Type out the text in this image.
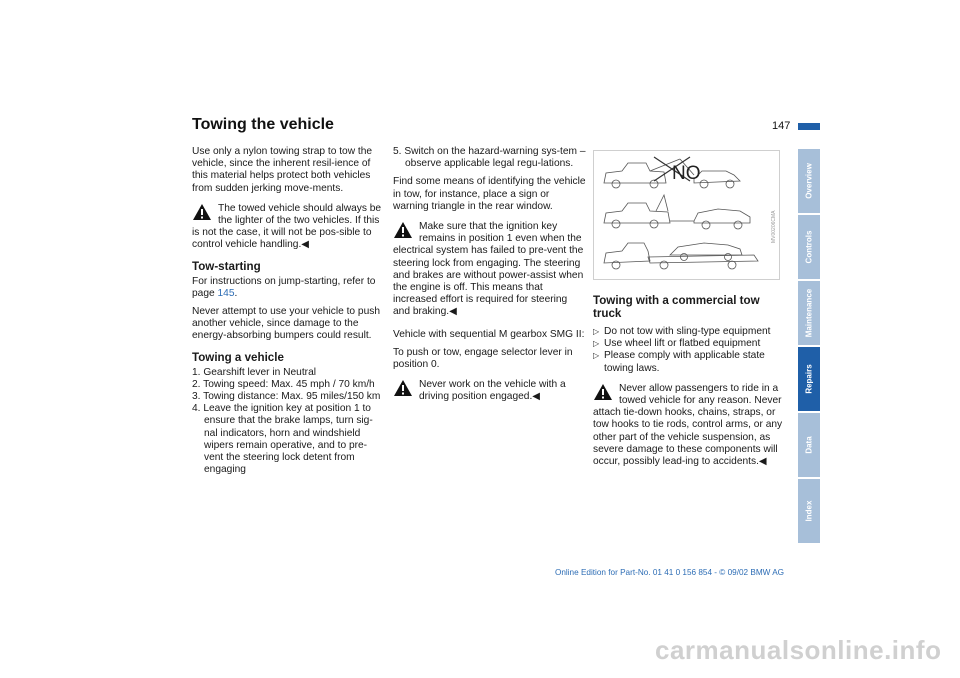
Towing the vehicle	147

Use only a nylon towing strap to tow the vehicle, since the inherent resil-ience of this material helps protect both vehicles from sudden jerking move-ments.

The towed vehicle should always be the lighter of the two vehicles. If this is not the case, it will not be pos-sible to control vehicle handling.◀
Tow-starting

For instructions on jump-starting, refer to page 145.

Never attempt to use your vehicle to push another vehicle, since damage to the energy-absorbing bumpers could result.

Towing a vehicle
1. Gearshift lever in Neutral
2. Towing speed: Max. 45 mph / 70 km/h
3. Towing distance: Max. 95 miles/150 km
4. Leave the ignition key at position 1 to ensure that the brake lamps, turn sig-nal indicators, horn and windshield wipers remain operative, and to pre-vent the steering lock detent from engaging
5. Switch on the hazard-warning sys-tem – observe applicable legal regu-lations.

Find some means of identifying the vehicle in tow, for instance, place a sign or warning triangle in the rear window.

Make sure that the ignition key remains in position 1 even when the electrical system has failed to pre-vent the steering lock from engaging. The steering and brakes are without power-assist when the engine is off. This means that increased effort is required for steering and braking.◀

Vehicle with sequential M gearbox SMG II:

To push or tow, engage selector lever in position 0.

Never work on the vehicle with a driving position engaged.◀
NO
MV00206CMA
Towing with a commercial tow truck
▷ Do not tow with sling-type equipment
▷ Use wheel lift or flatbed equipment
▷ Please comply with applicable state towing laws.
Never allow passengers to ride in a towed vehicle for any reason. Never attach tie-down hooks, chains, straps, or tow hooks to tie rods, control arms, or any other part of the vehicle suspension, as severe damage to these components will occur, possibly lead-ing to accidents.◀
Overview
Controls
Maintenance
Repairs
Data
Index
Online Edition for Part-No. 01 41 0 156 854 - © 09/02 BMW AG
carmanualsonline.info
